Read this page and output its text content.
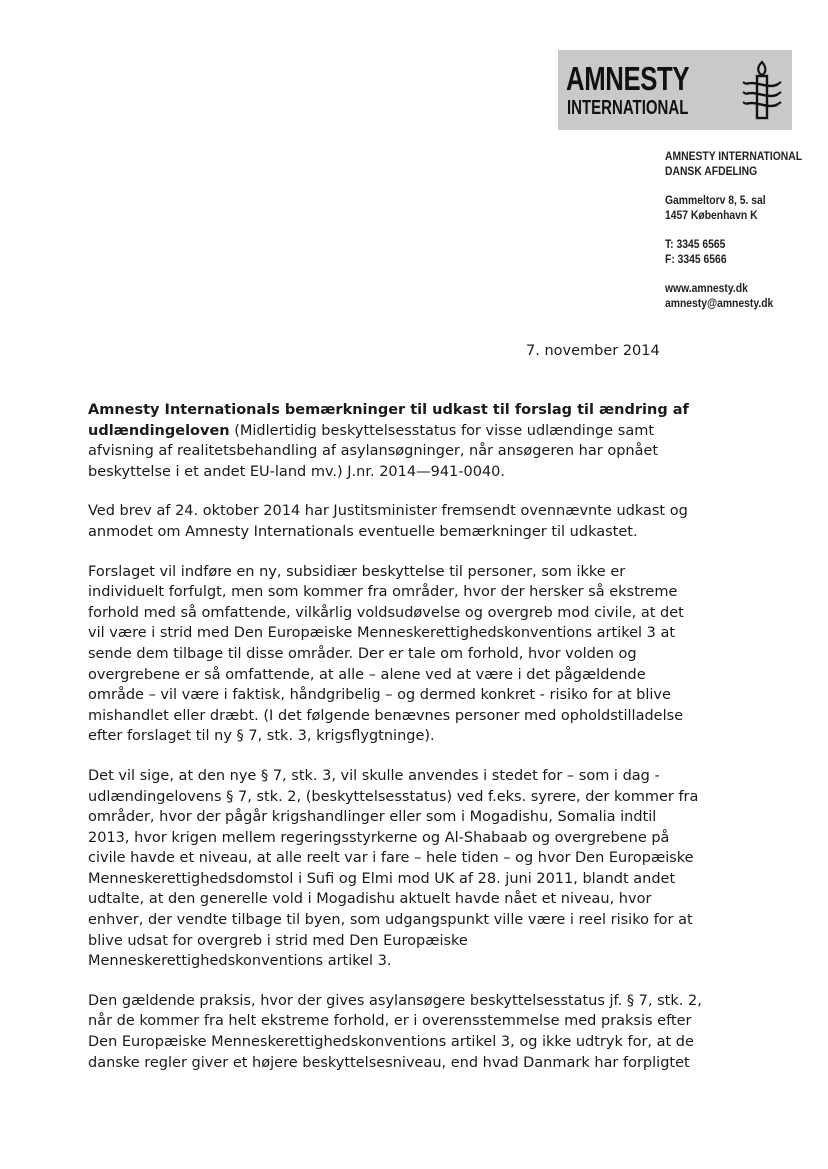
AMNESTY
INTERNATIONAL
AMNESTY INTERNATIONAL
DANSK AFDELING
Gammeltorv 8, 5. sal
1457 København K
T: 3345 6565
F: 3345 6566
www.amnesty.dk
amnesty@amnesty.dk
7. november 2014

Amnesty Internationals bemærkninger til udkast til forslag til ændring af
udlændingeloven (Midlertidig beskyttelsesstatus for visse udlændinge samt
afvisning af realitetsbehandling af asylansøgninger, når ansøgeren har opnået
beskyttelse i et andet EU-land mv.) J.nr. 2014—941-0040.

Ved brev af 24. oktober 2014 har Justitsminister fremsendt ovennævnte udkast og
anmodet om Amnesty Internationals eventuelle bemærkninger til udkastet.

Forslaget vil indføre en ny, subsidiær beskyttelse til personer, som ikke er
individuelt forfulgt, men som kommer fra områder, hvor der hersker så ekstreme
forhold med så omfattende, vilkårlig voldsudøvelse og overgreb mod civile, at det
vil være i strid med Den Europæiske Menneskerettighedskonventions artikel 3 at
sende dem tilbage til disse områder. Der er tale om forhold, hvor volden og
overgrebene er så omfattende, at alle – alene ved at være i det pågældende
område – vil være i faktisk, håndgribelig – og dermed konkret - risiko for at blive
mishandlet eller dræbt. (I det følgende benævnes personer med opholdstilladelse
efter forslaget til ny § 7, stk. 3, krigsflygtninge).

Det vil sige, at den nye § 7, stk. 3, vil skulle anvendes i stedet for – som i dag -
udlændingelovens § 7, stk. 2, (beskyttelsesstatus) ved f.eks. syrere, der kommer fra
områder, hvor der pågår krigshandlinger eller som i Mogadishu, Somalia indtil
2013, hvor krigen mellem regeringsstyrkerne og Al-Shabaab og overgrebene på
civile havde et niveau, at alle reelt var i fare – hele tiden – og hvor Den Europæiske
Menneskerettighedsdomstol i Sufi og Elmi mod UK af 28. juni 2011, blandt andet
udtalte, at den generelle vold i Mogadishu aktuelt havde nået et niveau, hvor
enhver, der vendte tilbage til byen, som udgangspunkt ville være i reel risiko for at
blive udsat for overgreb i strid med Den Europæiske
Menneskerettighedskonventions artikel 3.

Den gældende praksis, hvor der gives asylansøgere beskyttelsesstatus jf. § 7, stk. 2,
når de kommer fra helt ekstreme forhold, er i overensstemmelse med praksis efter
Den Europæiske Menneskerettighedskonventions artikel 3, og ikke udtryk for, at de
danske regler giver et højere beskyttelsesniveau, end hvad Danmark har forpligtet
